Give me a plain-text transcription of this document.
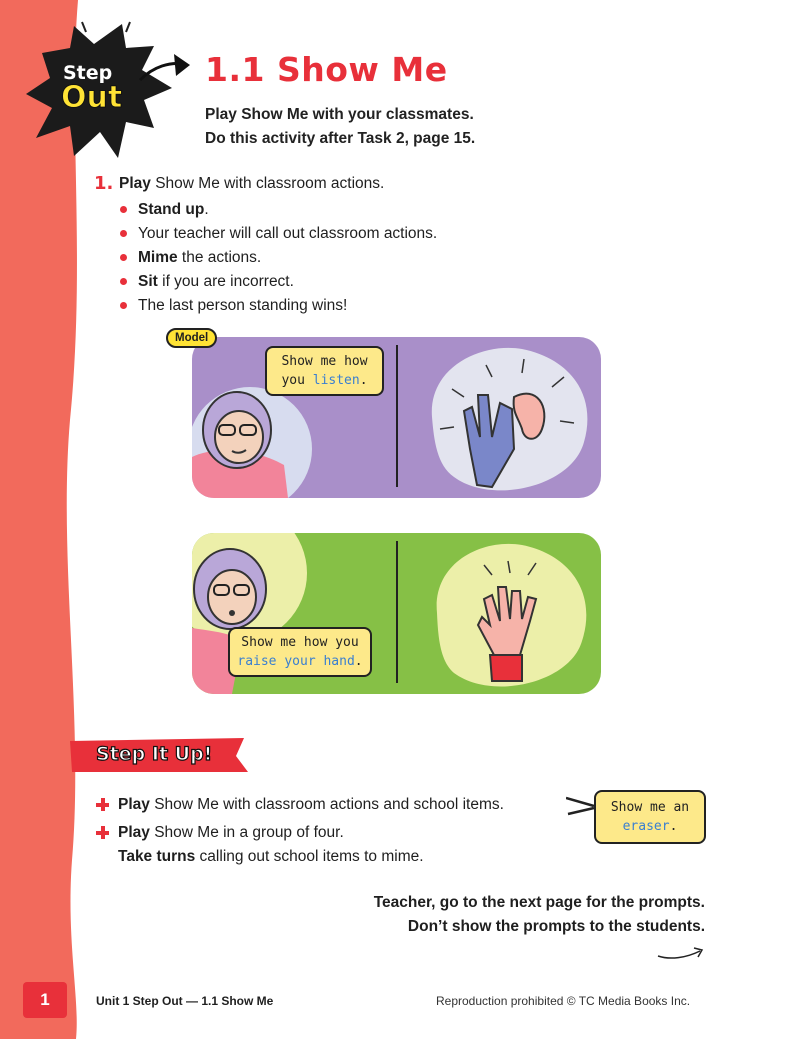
Step
Out
1.1 Show Me
Play Show Me with your classmates.
Do this activity after Task 2, page 15.
1. Play Show Me with classroom actions.
Stand up.
Your teacher will call out classroom actions.
Mime the actions.
Sit if you are incorrect.
The last person standing wins!
Model
Show me how
you listen.
Show me how you
raise your hand.
Step It Up!
Play Show Me with classroom actions and school items.
Play Show Me in a group of four.
Take turns calling out school items to mime.
Show me an
eraser.
Teacher, go to the next page for the prompts.
Don’t show the prompts to the students.
1	Unit 1 Step Out — 1.1 Show Me	Reproduction prohibited © TC Media Books Inc.
